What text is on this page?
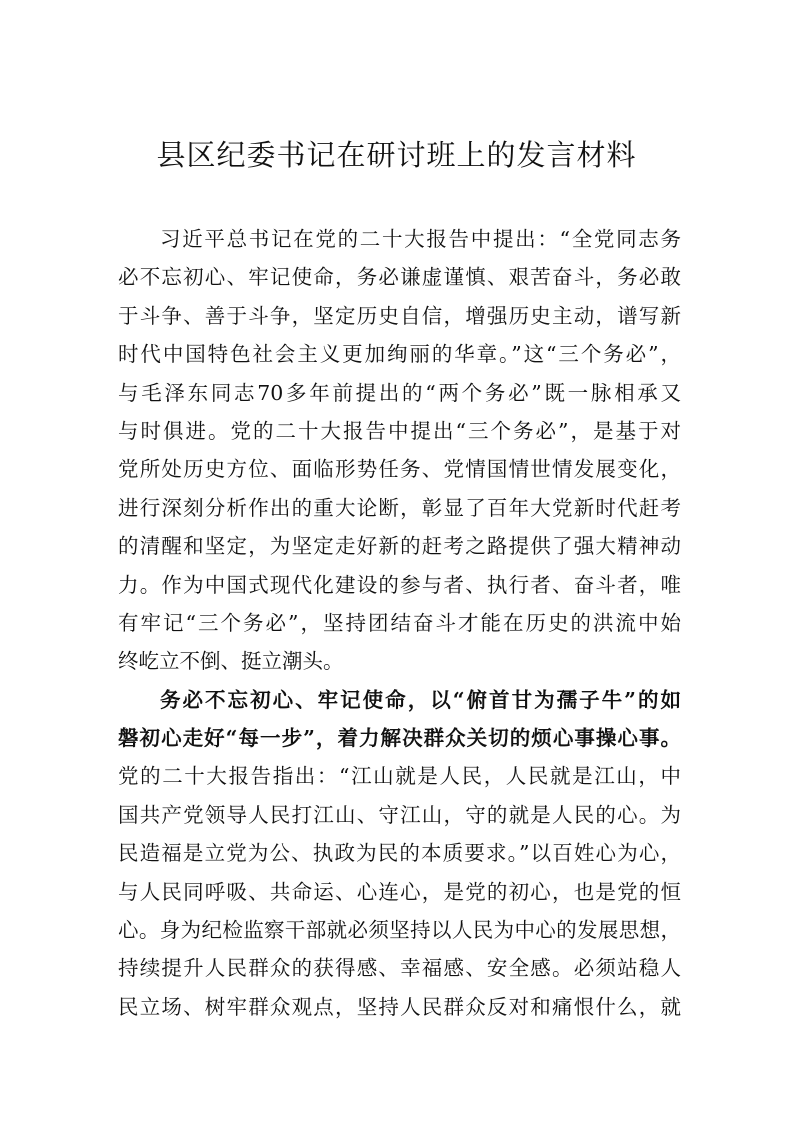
县区纪委书记在研讨班上的发言材料
习近平总书记在党的二十大报告中提出：“全党同志务
必不忘初心、牢记使命，务必谦虚谨慎、艰苦奋斗，务必敢
于斗争、善于斗争，坚定历史自信，增强历史主动，谱写新
时代中国特色社会主义更加绚丽的华章。”这“三个务必”，
与毛泽东同志70多年前提出的“两个务必”既一脉相承又
与时俱进。党的二十大报告中提出“三个务必”，是基于对
党所处历史方位、面临形势任务、党情国情世情发展变化，
进行深刻分析作出的重大论断，彰显了百年大党新时代赶考
的清醒和坚定，为坚定走好新的赶考之路提供了强大精神动
力。作为中国式现代化建设的参与者、执行者、奋斗者，唯
有牢记“三个务必”，坚持团结奋斗才能在历史的洪流中始
终屹立不倒、挺立潮头。
务必不忘初心、牢记使命，以“俯首甘为孺子牛”的如
磐初心走好“每一步”，着力解决群众关切的烦心事操心事。
党的二十大报告指出：“江山就是人民，人民就是江山，中
国共产党领导人民打江山、守江山，守的就是人民的心。为
民造福是立党为公、执政为民的本质要求。”以百姓心为心，
与人民同呼吸、共命运、心连心，是党的初心，也是党的恒
心。身为纪检监察干部就必须坚持以人民为中心的发展思想，
持续提升人民群众的获得感、幸福感、安全感。必须站稳人
民立场、树牢群众观点，坚持人民群众反对和痛恨什么，就
